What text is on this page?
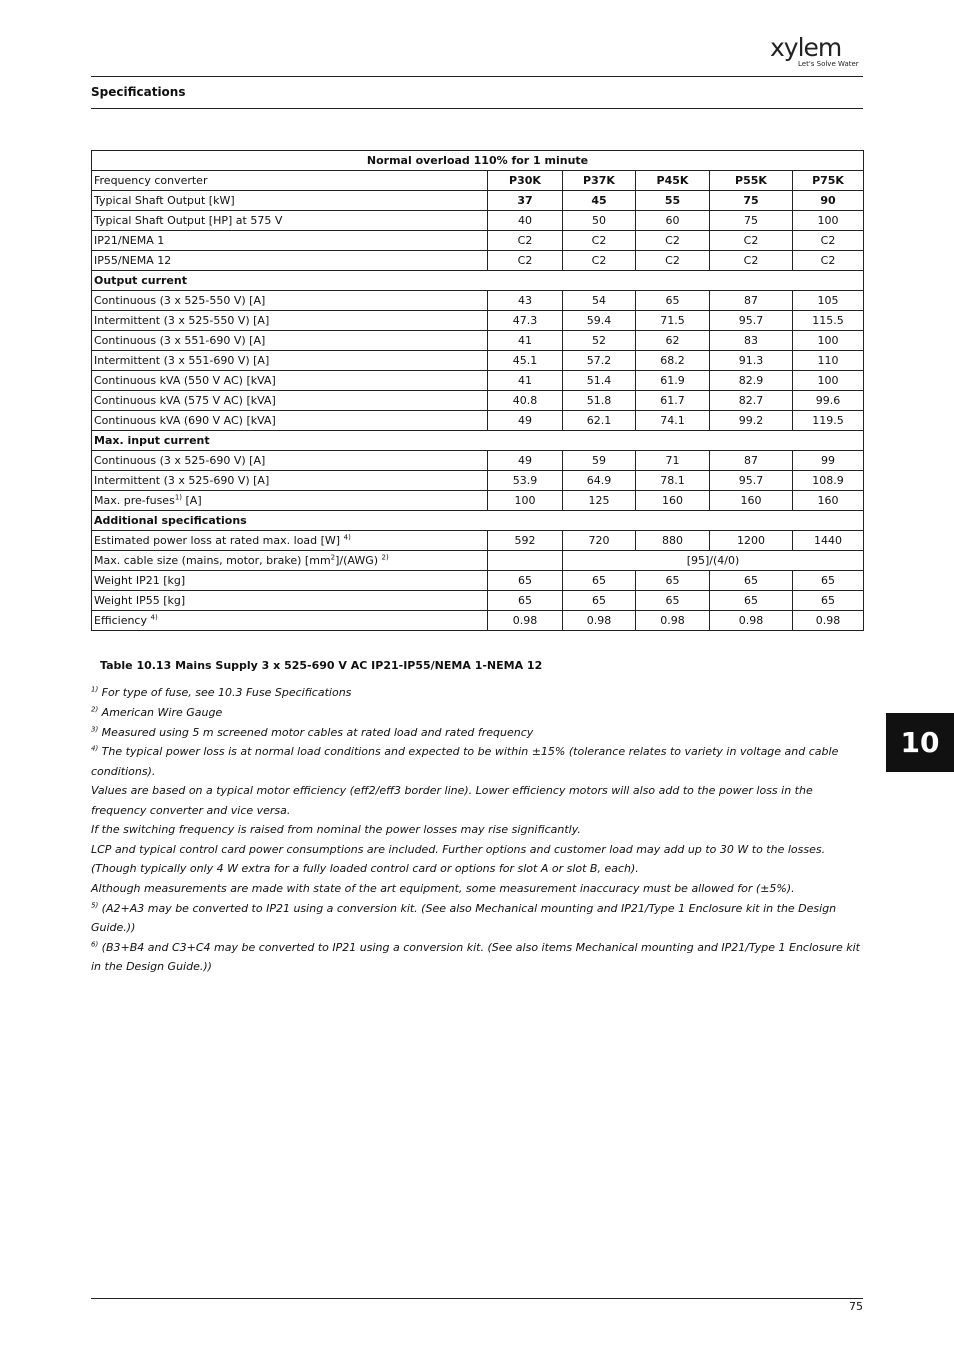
xylem
Let's Solve Water
Specifications
Normal overload 110% for 1 minute					
Frequency converter	P30K	P37K	P45K	P55K	P75K
Typical Shaft Output [kW]	37	45	55	75	90
Typical Shaft Output [HP] at 575 V	40	50	60	75	100
IP21/NEMA 1	C2	C2	C2	C2	C2
IP55/NEMA 12	C2	C2	C2	C2	C2
Output current					
Continuous (3 x 525-550 V) [A]	43	54	65	87	105
Intermittent (3 x 525-550 V) [A]	47.3	59.4	71.5	95.7	115.5
Continuous (3 x 551-690 V) [A]	41	52	62	83	100
Intermittent (3 x 551-690 V) [A]	45.1	57.2	68.2	91.3	110
Continuous kVA (550 V AC) [kVA]	41	51.4	61.9	82.9	100
Continuous kVA (575 V AC) [kVA]	40.8	51.8	61.7	82.7	99.6
Continuous kVA (690 V AC) [kVA]	49	62.1	74.1	99.2	119.5
Max. input current					
Continuous (3 x 525-690 V) [A]	49	59	71	87	99
Intermittent (3 x 525-690 V) [A]	53.9	64.9	78.1	95.7	108.9
Max. pre-fuses$^{1)}$ [A]	100	125	160	160	160
Additional specifications					
Estimated power loss at rated max. load [W] $^{4)}$	592	720	880	1200	1440
Max. cable size (mains, motor, brake) $[mm^2]/(AWG)$ $^{2)}$		[95]/(4/0)			
Weight IP21 [kg]	65	65	65	65	65
Weight IP55 [kg]	65	65	65	65	65
Efficiency $^{4)}$	0.98	0.98	0.98	0.98	0.98
Table 10.13 Mains Supply 3 x 525-690 V AC IP21-IP55/NEMA 1-NEMA 12

$^{1)}$ For type of fuse, see 10.3 Fuse Specifications

$^{2)}$ American Wire Gauge

$^{3)}$ Measured using 5 m screened motor cables at rated load and rated frequency

$^{4)}$ The typical power loss is at normal load conditions and expected to be within ±15% (tolerance relates to variety in voltage and cable conditions).

Values are based on a typical motor efficiency (eff2/eff3 border line). Lower efficiency motors will also add to the power loss in the frequency converter and vice versa.

If the switching frequency is raised from nominal the power losses may rise significantly.

LCP and typical control card power consumptions are included. Further options and customer load may add up to 30 W to the losses. (Though typically only 4 W extra for a fully loaded control card or options for slot A or slot B, each).

Although measurements are made with state of the art equipment, some measurement inaccuracy must be allowed for (±5%).

$^{5)}$ (A2+A3 may be converted to IP21 using a conversion kit. (See also Mechanical mounting and IP21/Type 1 Enclosure kit in the Design Guide.))

$^{6)}$ (B3+B4 and C3+C4 may be converted to IP21 using a conversion kit. (See also items Mechanical mounting and IP21/Type 1 Enclosure kit in the Design Guide.))

10
75
